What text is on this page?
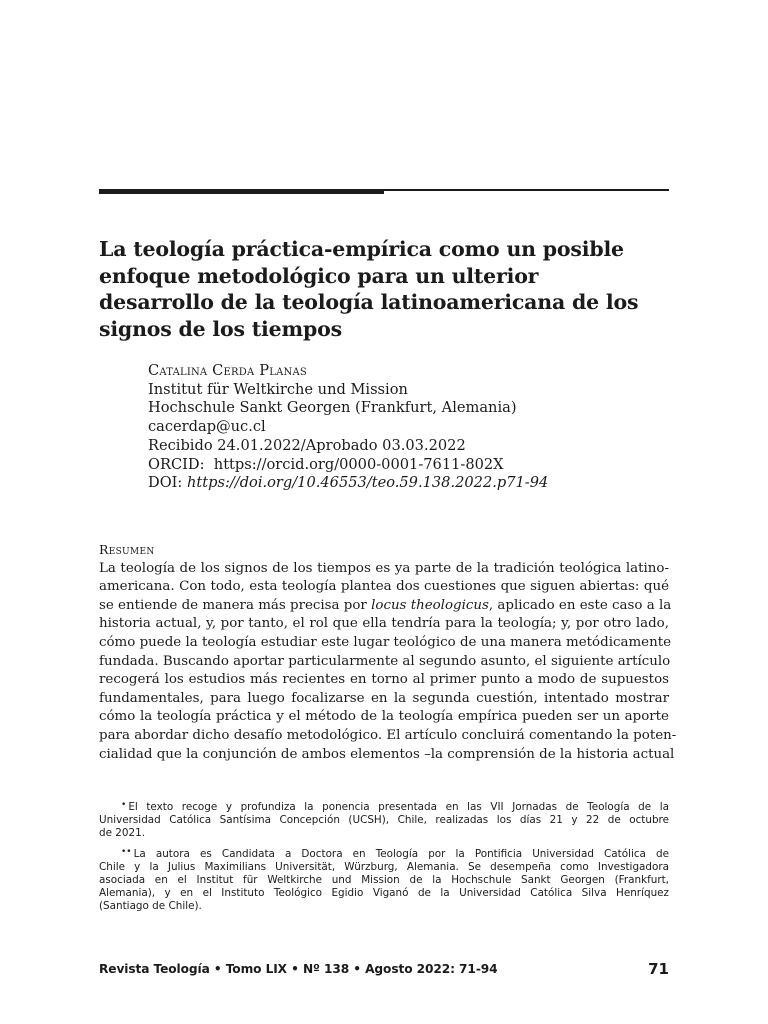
La teología práctica-empírica como un posible
enfoque metodológico para un ulterior
desarrollo de la teología latinoamericana de los
signos de los tiempos
Catalina Cerda Planas
Institut für Weltkirche und Mission
Hochschule Sankt Georgen (Frankfurt, Alemania)
cacerdap@uc.cl
Recibido 24.01.2022/Aprobado 03.03.2022
ORCID: https://orcid.org/0000-0001-7611-802X
DOI: https://doi.org/10.46553/teo.59.138.2022.p71-94
Resumen
La teología de los signos de los tiempos es ya parte de la tradición teológica latino-
americana. Con todo, esta teología plantea dos cuestiones que siguen abiertas: qué
se entiende de manera más precisa por locus theologicus, aplicado en este caso a la
historia actual, y, por tanto, el rol que ella tendría para la teología; y, por otro lado,
cómo puede la teología estudiar este lugar teológico de una manera metódicamente
fundada. Buscando aportar particularmente al segundo asunto, el siguiente artículo
recogerá los estudios más recientes en torno al primer punto a modo de supuestos
fundamentales, para luego focalizarse en la segunda cuestión, intentado mostrar
cómo la teología práctica y el método de la teología empírica pueden ser un aporte
para abordar dicho desafío metodológico. El artículo concluirá comentando la poten-
cialidad que la conjunción de ambos elementos –la comprensión de la historia actual
• El texto recoge y profundiza la ponencia presentada en las VII Jornadas de Teología de la
Universidad Católica Santísima Concepción (UCSH), Chile, realizadas los días 21 y 22 de octubre
de 2021.
•• La autora es Candidata a Doctora en Teología por la Pontificia Universidad Católica de
Chile y la Julius Maximilians Universität, Würzburg, Alemania. Se desempeña como Investigadora
asociada en el Institut für Weltkirche und Mission de la Hochschule Sankt Georgen (Frankfurt,
Alemania), y en el Instituto Teológico Egidio Viganó de la Universidad Católica Silva Henríquez
(Santiago de Chile).
Revista Teología • Tomo LIX • Nº 138 • Agosto 2022: 71-94	71
